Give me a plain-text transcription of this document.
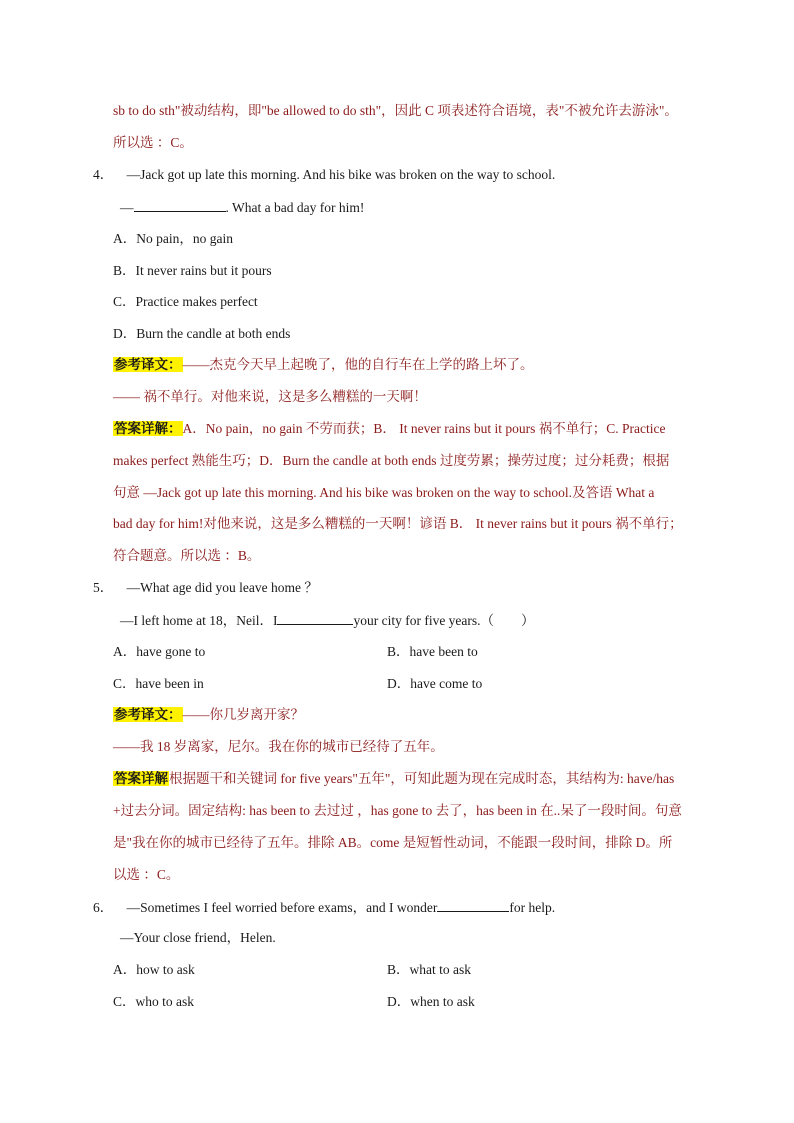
sb to do sth"被动结构，即"be allowed to do sth"，因此 C 项表述符合语境，表"不被允许去游泳"。
所以选 ：C。
4． —Jack got up late this morning. And his bike was broken on the way to school.
—	. What a bad day for him!
A．No pain，no gain
B．It never rains but it pours
C．Practice makes perfect
D．Burn the candle at both ends
参考译文：——杰克今天早上起晚了，他的自行车在上学的路上坏了。
—— 祸不单行。对他来说，这是多么糟糕的一天啊！
答案详解：A．No pain，no gain 不劳而获；B． It never rains but it pours 祸不单行；C. Practice
makes perfect 熟能生巧；D．Burn the candle at both ends 过度劳累；操劳过度；过分耗费；根据
句意 —Jack got up late this morning. And his bike was broken on the way to school.及答语 What a
bad day for him!对他来说，这是多么糟糕的一天啊！谚语 B． It never rains but it pours 祸不单行；
符合题意。所以选 ：B。
5． —What age did you leave home ？
—I left home at 18，Neil．I	your city for five years.（　　）
A．have gone to	B．have been to
C．have been in	D．have come to
参考译文：——你几岁离开家？
——我 18 岁离家，尼尔。我在你的城市已经待了五年。
答案详解根据题干和关键词 for five years"五年"，可知此题为现在完成时态，其结构为: have/has
+过去分词。固定结构: has been to 去过过 ，has gone to 去了，has been in 在..呆了一段时间。句意
是"我在你的城市已经待了五年。排除 AB。come 是短暂性动词，不能跟一段时间，排除 D。所
以选 ：C。
6． —Sometimes I feel worried before exams，and I wonder	for help.
—Your close friend，Helen.
A．how to ask	B．what to ask
C．who to ask	D．when to ask
